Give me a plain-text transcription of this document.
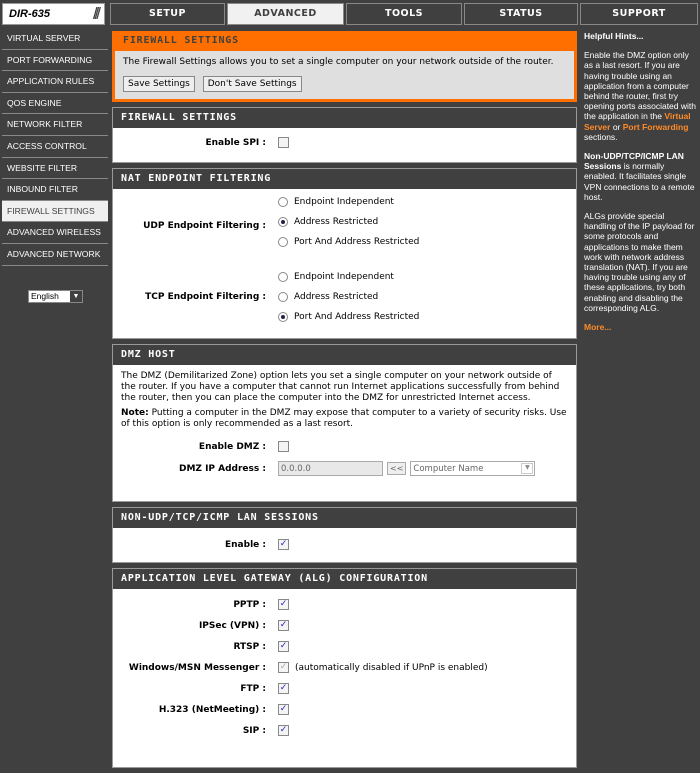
DIR-635	///	SETUP	ADVANCED	TOOLS	STATUS	SUPPORT
VIRTUAL SERVER
PORT FORWARDING
APPLICATION RULES
QOS ENGINE
NETWORK FILTER
ACCESS CONTROL
WEBSITE FILTER
INBOUND FILTER
FIREWALL SETTINGS
ADVANCED WIRELESS
ADVANCED NETWORK
English	▼
FIREWALL SETTINGS

The Firewall Settings allows you to set a single computer on your network outside of the router.

Save Settings Don't Save Settings
FIREWALL SETTINGS
Enable SPI :
NAT ENDPOINT FILTERING
UDP Endpoint Filtering :
Endpoint Independent
Address Restricted
Port And Address Restricted
TCP Endpoint Filtering :
Endpoint Independent
Address Restricted
Port And Address Restricted
DMZ HOST

The DMZ (Demilitarized Zone) option lets you set a single computer on your network outside of the router. If you have a computer that cannot run Internet applications successfully from behind the router, then you can place the computer into the DMZ for unrestricted Internet access.

Note: Putting a computer in the DMZ may expose that computer to a variety of security risks. Use of this option is only recommended as a last resort.

Enable DMZ :
DMZ IP Address :	0.0.0.0	<<	Computer Name	▼
NON-UDP/TCP/ICMP LAN SESSIONS
Enable : ✓
APPLICATION LEVEL GATEWAY (ALG) CONFIGURATION
PPTP : ✓
IPSec (VPN) : ✓
RTSP : ✓
Windows/MSN Messenger : ✓ (automatically disabled if UPnP is enabled)
FTP : ✓
H.323 (NetMeeting) : ✓
SIP : ✓

Helpful Hints...

Enable the DMZ option only as a last resort. If you are having trouble using an application from a computer behind the router, first try opening ports associated with the application in the Virtual Server or Port Forwarding sections.

Non-UDP/TCP/ICMP LAN Sessions is normally enabled. It facilitates single VPN connections to a remote host.

ALGs provide special handling of the IP payload for some protocols and applications to make them work with network address translation (NAT). If you are having trouble using any of these applications, try both enabling and disabling the corresponding ALG.

More...
